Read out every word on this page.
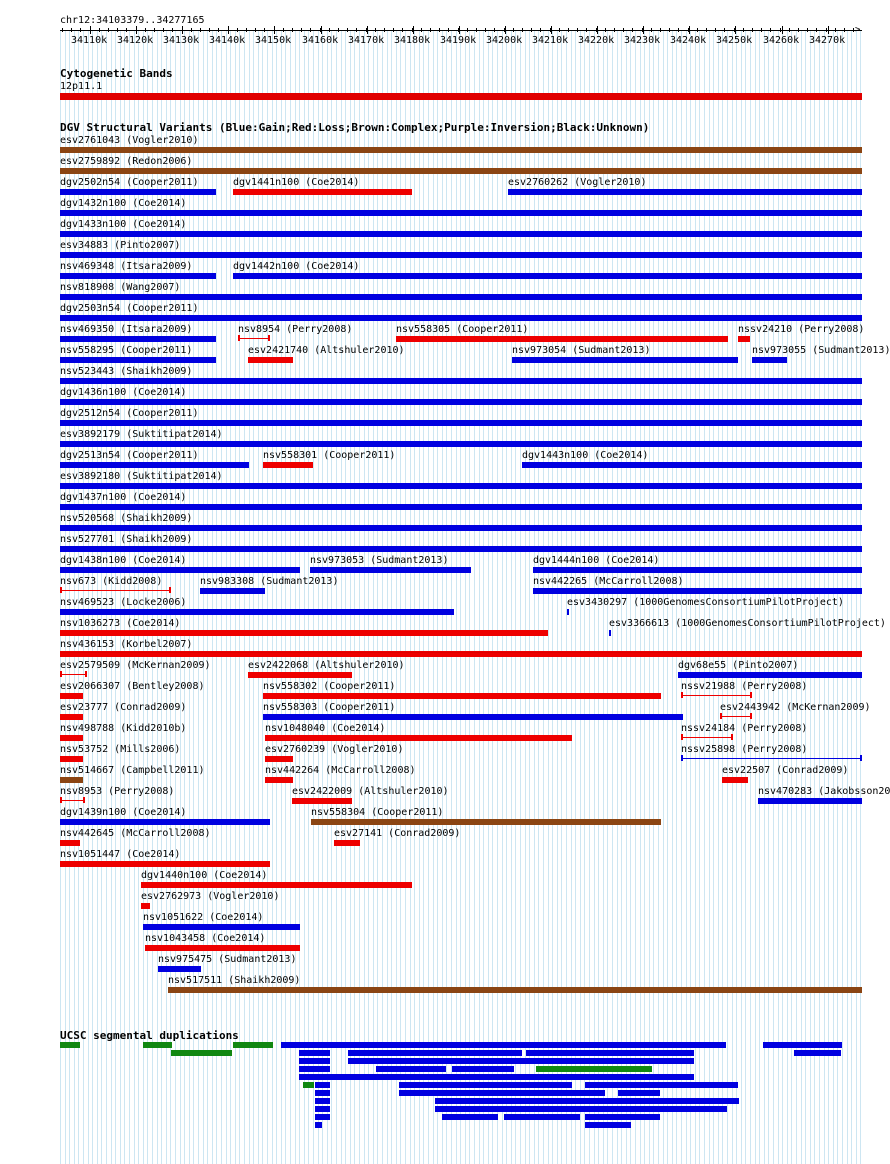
chr12:34103379..34277165
34110k 34120k 34130k 34140k 34150k 34160k 34170k 34180k 34190k 34200k 34210k 34220k 34230k 34240k 34250k 34260k 34270k
>
Cytogenetic Bands
12p11.1
DGV Structural Variants (Blue:Gain;Red:Loss;Brown:Complex;Purple:Inversion;Black:Unknown)
esv2761043 (Vogler2010)
esv2759892 (Redon2006)
dgv2502n54 (Cooper2011)	dgv1441n100 (Coe2014)	esv2760262 (Vogler2010)
dgv1432n100 (Coe2014)
dgv1433n100 (Coe2014)
esv34883 (Pinto2007)
nsv469348 (Itsara2009)	dgv1442n100 (Coe2014)
nsv818908 (Wang2007)
dgv2503n54 (Cooper2011)
nsv469350 (Itsara2009)	nsv8954 (Perry2008)	nsv558305 (Cooper2011)	nssv24210 (Perry2008)
nsv558295 (Cooper2011)	esv2421740 (Altshuler2010)	nsv973054 (Sudmant2013)	nsv973055 (Sudmant2013)
nsv523443 (Shaikh2009)
dgv1436n100 (Coe2014)
dgv2512n54 (Cooper2011)
esv3892179 (Suktitipat2014)
dgv2513n54 (Cooper2011)	nsv558301 (Cooper2011)	dgv1443n100 (Coe2014)
esv3892180 (Suktitipat2014)
dgv1437n100 (Coe2014)
nsv520568 (Shaikh2009)
nsv527701 (Shaikh2009)
dgv1438n100 (Coe2014)	nsv973053 (Sudmant2013)	dgv1444n100 (Coe2014)
nsv673 (Kidd2008)	nsv983308 (Sudmant2013)	nsv442265 (McCarroll2008)
nsv469523 (Locke2006)	esv3430297 (1000GenomesConsortiumPilotProject)
nsv1036273 (Coe2014)	esv3366613 (1000GenomesConsortiumPilotProject)
nsv436153 (Korbel2007)
esv2579509 (McKernan2009)	esv2422068 (Altshuler2010)	dgv68e55 (Pinto2007)
esv2066307 (Bentley2008)	nsv558302 (Cooper2011)	nssv21988 (Perry2008)
esv23777 (Conrad2009)	nsv558303 (Cooper2011)	esv2443942 (McKernan2009)
nsv498788 (Kidd2010b)	nsv1048040 (Coe2014)	nssv24184 (Perry2008)
nsv53752 (Mills2006)	esv2760239 (Vogler2010)	nssv25898 (Perry2008)
nsv514667 (Campbell2011)	nsv442264 (McCarroll2008)	esv22507 (Conrad2009)
nsv8953 (Perry2008)	esv2422009 (Altshuler2010)	nsv470283 (Jakobsson20
dgv1439n100 (Coe2014)	nsv558304 (Cooper2011)
nsv442645 (McCarroll2008)	esv27141 (Conrad2009)
nsv1051447 (Coe2014)
dgv1440n100 (Coe2014)
esv2762973 (Vogler2010)
nsv1051622 (Coe2014)
nsv1043458 (Coe2014)
nsv975475 (Sudmant2013)
nsv517511 (Shaikh2009)
UCSC segmental duplications
